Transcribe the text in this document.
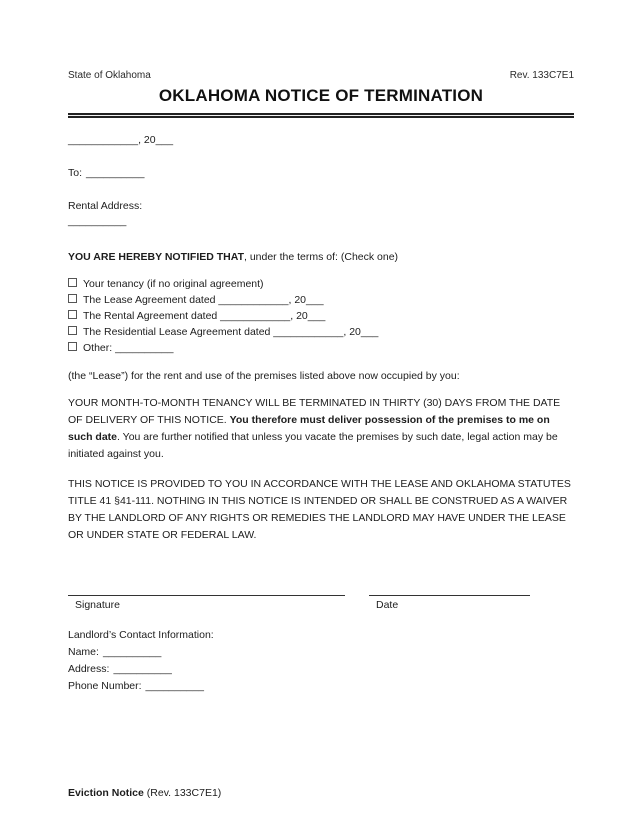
State of Oklahoma	Rev. 133C7E1
OKLAHOMA NOTICE OF TERMINATION
____________, 20___
To: __________
Rental Address:
__________
YOU ARE HEREBY NOTIFIED THAT, under the terms of: (Check one)
Your tenancy (if no original agreement)
The Lease Agreement dated ____________, 20___
The Rental Agreement dated ____________, 20___
The Residential Lease Agreement dated ____________, 20___
Other: __________
(the “Lease”) for the rent and use of the premises listed above now occupied by you:
YOUR MONTH-TO-MONTH TENANCY WILL BE TERMINATED IN THIRTY (30) DAYS FROM THE DATE OF DELIVERY OF THIS NOTICE. You therefore must deliver possession of the premises to me on such date. You are further notified that unless you vacate the premises by such date, legal action may be initiated against you.
THIS NOTICE IS PROVIDED TO YOU IN ACCORDANCE WITH THE LEASE AND OKLAHOMA STATUTES TITLE 41 §41-111. NOTHING IN THIS NOTICE IS INTENDED OR SHALL BE CONSTRUED AS A WAIVER BY THE LANDLORD OF ANY RIGHTS OR REMEDIES THE LANDLORD MAY HAVE UNDER THE LEASE OR UNDER STATE OR FEDERAL LAW.
Signature	Date
Landlord’s Contact Information:
Name: __________
Address: __________
Phone Number: __________
Eviction Notice (Rev. 133C7E1)
